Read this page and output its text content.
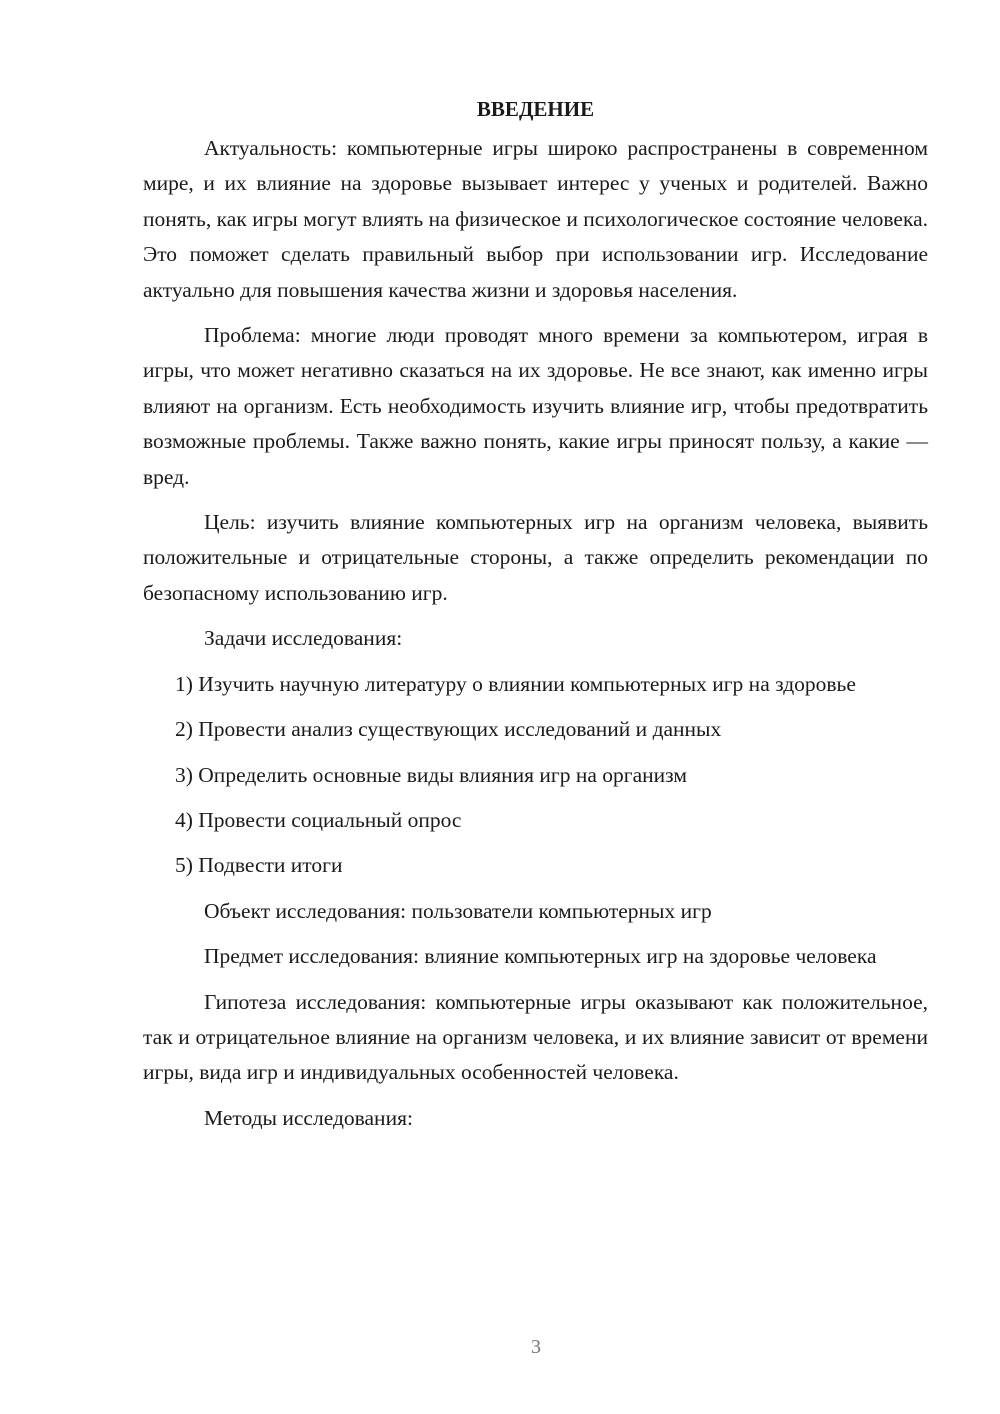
ВВЕДЕНИЕ

Актуальность: компьютерные игры широко распространены в современном мире, и их влияние на здоровье вызывает интерес у ученых и родителей. Важно понять, как игры могут влиять на физическое и психологическое состояние человека. Это поможет сделать правильный выбор при использовании игр. Исследование актуально для повышения качества жизни и здоровья населения.

Проблема: многие люди проводят много времени за компьютером, играя в игры, что может негативно сказаться на их здоровье. Не все знают, как именно игры влияют на организм. Есть необходимость изучить влияние игр, чтобы предотвратить возможные проблемы. Также важно понять, какие игры приносят пользу, а какие — вред.

Цель: изучить влияние компьютерных игр на организм человека, выявить положительные и отрицательные стороны, а также определить рекомендации по безопасному использованию игр.

Задачи исследования:

1) Изучить научную литературу о влиянии компьютерных игр на здоровье
2) Провести анализ существующих исследований и данных
3) Определить основные виды влияния игр на организм
4) Провести социальный опрос
5) Подвести итоги

Объект исследования: пользователи компьютерных игр

Предмет исследования: влияние компьютерных игр на здоровье человека

Гипотеза исследования: компьютерные игры оказывают как положительное, так и отрицательное влияние на организм человека, и их влияние зависит от времени игры, вида игр и индивидуальных особенностей человека.

Методы исследования:

3
